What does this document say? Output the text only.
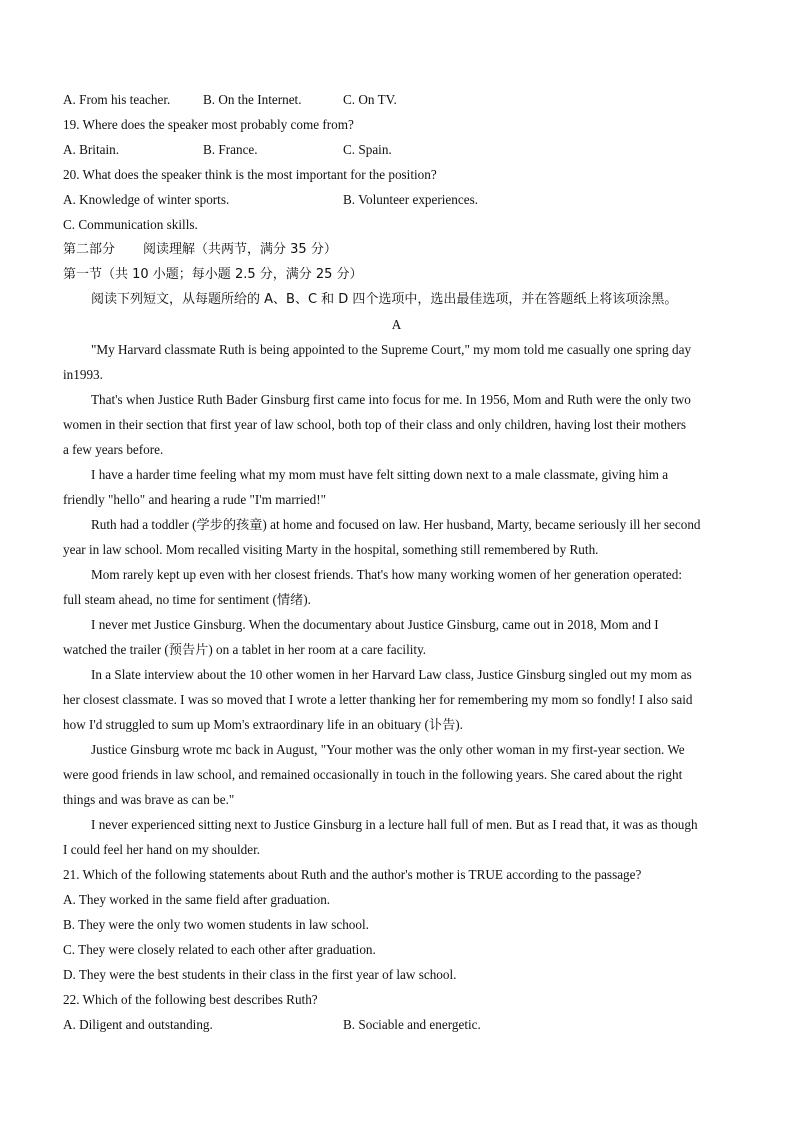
A. From his teacher.	B. On the Internet.	C. On TV.
19. Where does the speaker most probably come from?
A. Britain.	B. France.	C. Spain.
20. What does the speaker think is the most important for the position?
A. Knowledge of winter sports.	B. Volunteer experiences.
C. Communication skills.
第二部分 阅读理解（共两节，满分 35 分）
第一节（共 10 小题；每小题 2.5 分，满分 25 分）
阅读下列短文，从每题所给的 A、B、C 和 D 四个选项中，选出最佳选项，并在答题纸上将该项涂黑。
A
"My Harvard classmate Ruth is being appointed to the Supreme Court," my mom told me casually one spring day
in1993.
That's when Justice Ruth Bader Ginsburg first came into focus for me. In 1956, Mom and Ruth were the only two
women in their section that first year of law school, both top of their class and only children, having lost their mothers
a few years before.
I have a harder time feeling what my mom must have felt sitting down next to a male classmate, giving him a
friendly "hello" and hearing a rude "I'm married!"
Ruth had a toddler (学步的孩童) at home and focused on law. Her husband, Marty, became seriously ill her second
year in law school. Mom recalled visiting Marty in the hospital, something still remembered by Ruth.
Mom rarely kept up even with her closest friends. That's how many working women of her generation operated:
full steam ahead, no time for sentiment (情绪).
I never met Justice Ginsburg. When the documentary about Justice Ginsburg, came out in 2018, Mom and I
watched the trailer (预告片) on a tablet in her room at a care facility.
In a Slate interview about the 10 other women in her Harvard Law class, Justice Ginsburg singled out my mom as
her closest classmate. I was so moved that I wrote a letter thanking her for remembering my mom so fondly! I also said
how I'd struggled to sum up Mom's extraordinary life in an obituary (讣告).
Justice Ginsburg wrote mc back in August, "Your mother was the only other woman in my first-year section. We
were good friends in law school, and remained occasionally in touch in the following years. She cared about the right
things and was brave as can be."
I never experienced sitting next to Justice Ginsburg in a lecture hall full of men. But as I read that, it was as though
I could feel her hand on my shoulder.
21. Which of the following statements about Ruth and the author's mother is TRUE according to the passage?
A. They worked in the same field after graduation.
B. They were the only two women students in law school.
C. They were closely related to each other after graduation.
D. They were the best students in their class in the first year of law school.
22. Which of the following best describes Ruth?
A. Diligent and outstanding.	B. Sociable and energetic.
